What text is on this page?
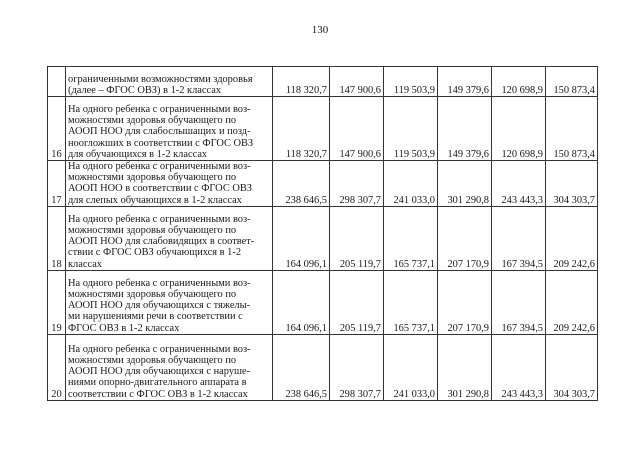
130

	ограниченными возможностями здоровья
(далее – ФГОС ОВЗ) в 1-2 классах	118 320,7	147 900,6	119 503,9	149 379,6	120 698,9	150 873,4
16	На одного ребенка с ограниченными воз-
можностями здоровья обучающего по
АООП НОО для слабослышащих и позд-
ноогложших в соответствии с ФГОС ОВЗ
для обучающихся в 1-2 классах	118 320,7	147 900,6	119 503,9	149 379,6	120 698,9	150 873,4
17	На одного ребенка с ограниченными воз-
можностями здоровья обучающего по
АООП НОО в соответствии с ФГОС ОВЗ
для слепых обучающихся в 1-2 классах	238 646,5	298 307,7	241 033,0	301 290,8	243 443,3	304 303,7
18	На одного ребенка с ограниченными воз-
можностями здоровья обучающего по
АООП НОО для слабовидящих в соответ-
ствии с ФГОС ОВЗ обучающихся в 1-2
классах	164 096,1	205 119,7	165 737,1	207 170,9	167 394,5	209 242,6
19	На одного ребенка с ограниченными воз-
можностями здоровья обучающего по
АООП НОО для обучающихся с тяжелы-
ми нарушениями речи в соответствии с
ФГОС ОВЗ в 1-2 классах	164 096,1	205 119,7	165 737,1	207 170,9	167 394,5	209 242,6
20	На одного ребенка с ограниченными воз-
можностями здоровья обучающего по
АООП НОО для обучающихся с наруше-
ниями опорно-двигательного аппарата в
соответствии с ФГОС ОВЗ в 1-2 классах	238 646,5	298 307,7	241 033,0	301 290,8	243 443,3	304 303,7
